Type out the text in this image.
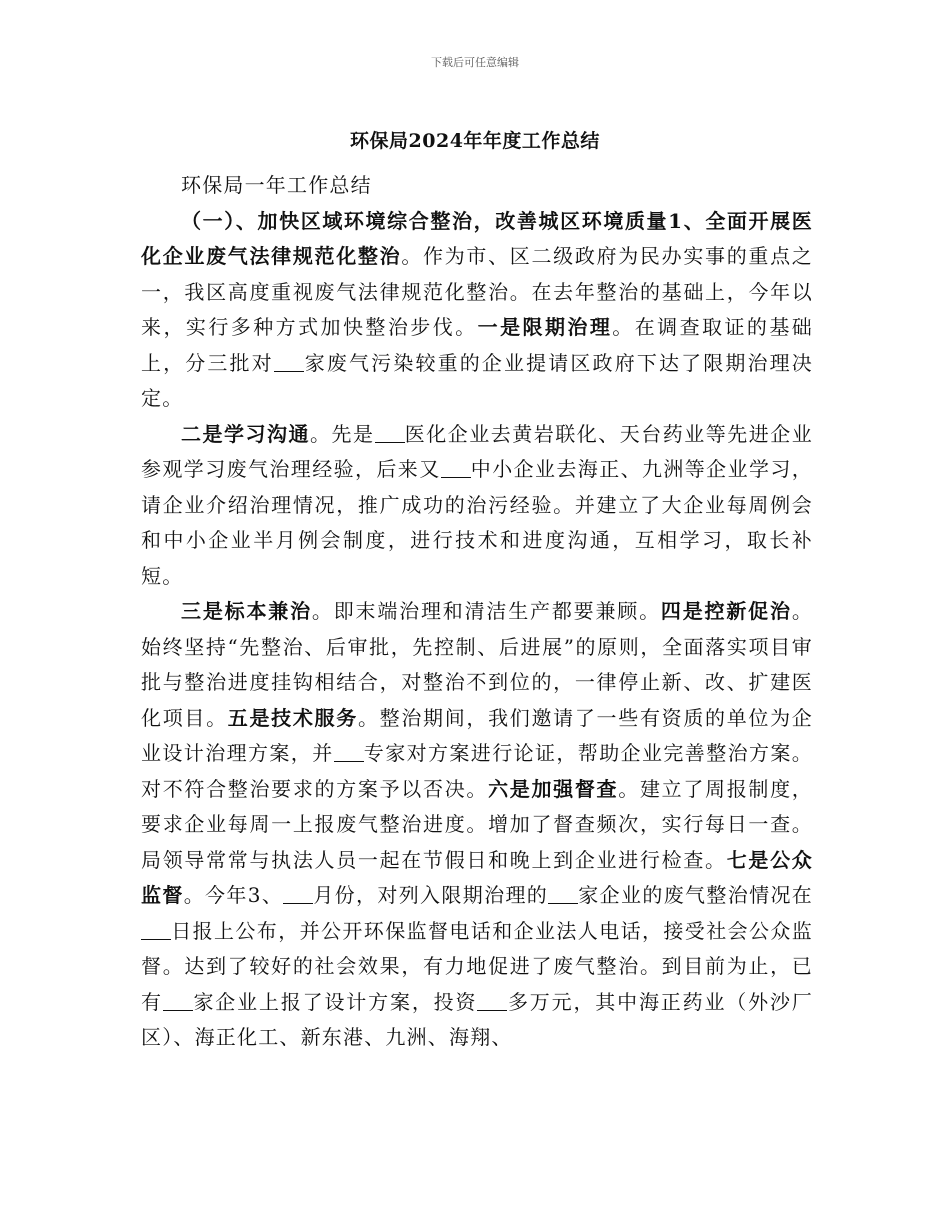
下载后可任意编辑
环保局2024年年度工作总结

环保局一年工作总结

（一）、加快区域环境综合整治，改善城区环境质量1、全面开展医化企业废气法律规范化整治。作为市、区二级政府为民办实事的重点之一，我区高度重视废气法律规范化整治。在去年整治的基础上，今年以来，实行多种方式加快整治步伐。一是限期治理。在调查取证的基础上，分三批对 家废气污染较重的企业提请区政府下达了限期治理决定。

二是学习沟通。先是 医化企业去黄岩联化、天台药业等先进企业参观学习废气治理经验，后来又 中小企业去海正、九洲等企业学习，请企业介绍治理情况，推广成功的治污经验。并建立了大企业每周例会和中小企业半月例会制度，进行技术和进度沟通，互相学习，取长补短。

三是标本兼治。即末端治理和清洁生产都要兼顾。四是控新促治。始终坚持“先整治、后审批，先控制、后进展”的原则，全面落实项目审批与整治进度挂钩相结合，对整治不到位的，一律停止新、改、扩建医化项目。五是技术服务。整治期间，我们邀请了一些有资质的单位为企业设计治理方案，并 专家对方案进行论证，帮助企业完善整治方案。对不符合整治要求的方案予以否决。六是加强督查。建立了周报制度，要求企业每周一上报废气整治进度。增加了督查频次，实行每日一查。局领导常常与执法人员一起在节假日和晚上到企业进行检查。七是公众监督。今年3、 月份，对列入限期治理的 家企业的废气整治情况在日报上公布，并公开环保监督电话和企业法人电话，接受社会公众监督。达到了较好的社会效果，有力地促进了废气整治。到目前为止，已有 家企业上报了设计方案，投资 多万元，其中海正药业（外沙厂区）、海正化工、新东港、九洲、海翔、
